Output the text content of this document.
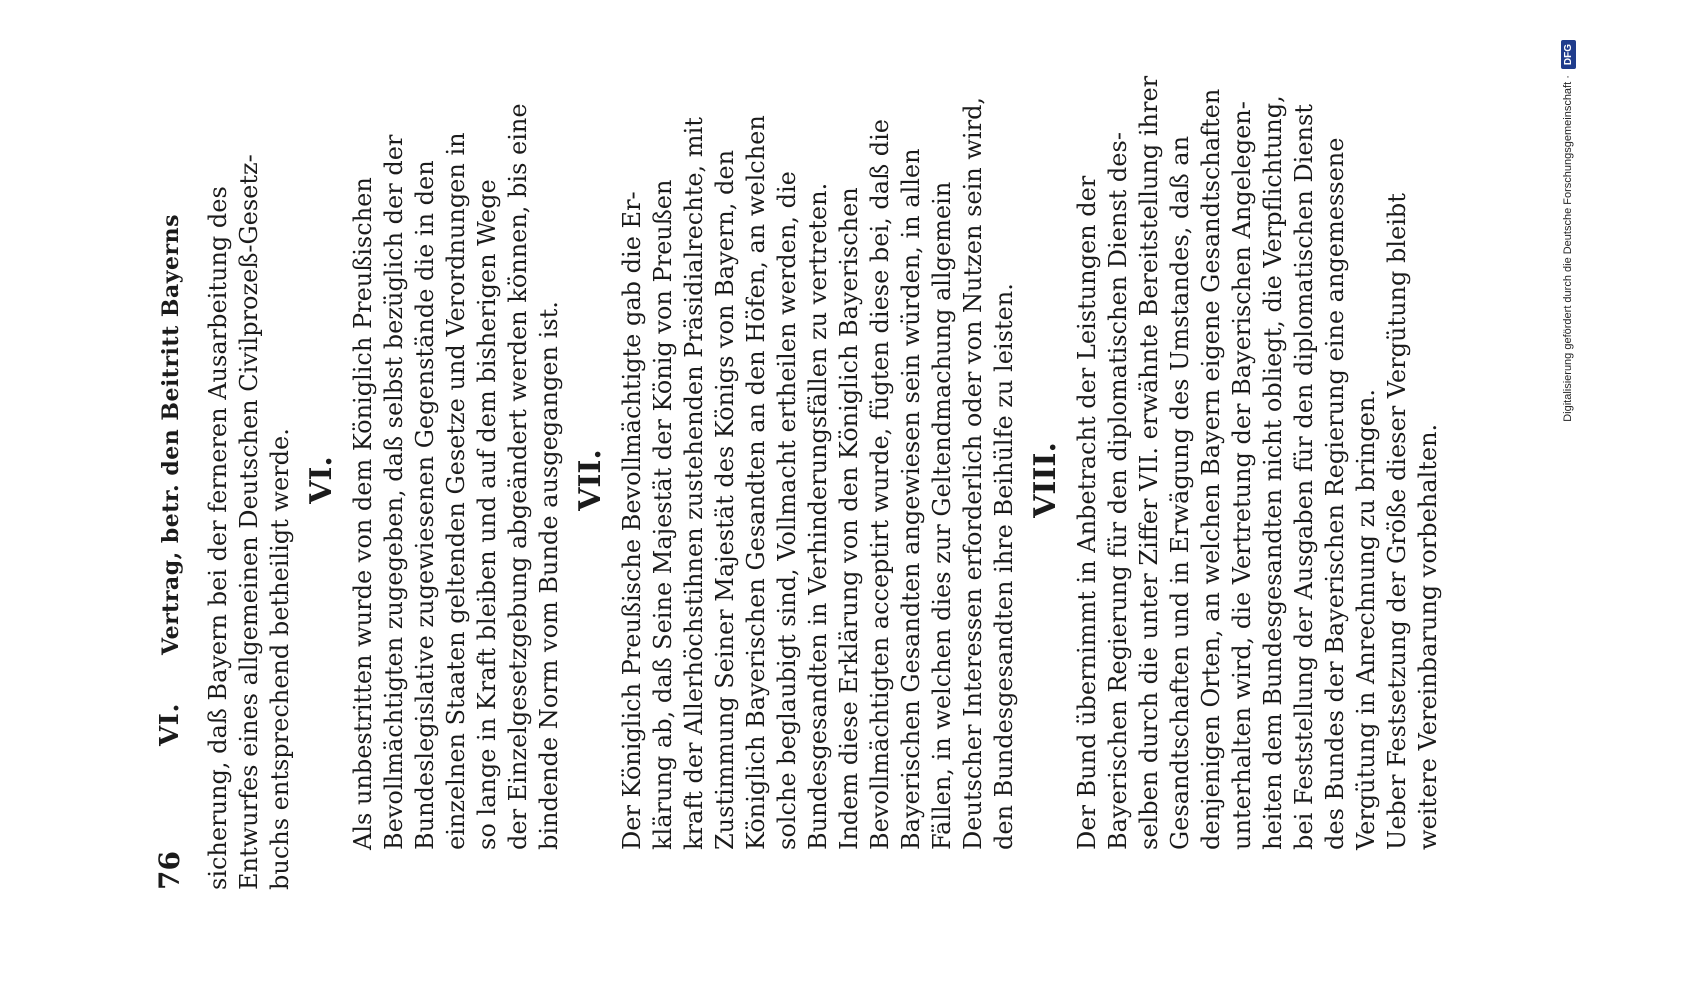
76
VI. Vertrag, betr. den Beitritt Bayerns sicherung, daß Bayern bei der ferneren Ausarbeitung des Entwurfes eines allgemeinen Deutschen Civilprozeß-Gesetz- buchs entsprechend betheiligt werde. VI. Als unbestritten wurde von dem Königlich Preußischen Bevollmächtigten zugegeben, daß selbst bezüglich der der Bundeslegislative zugewiesenen Gegenstände die in den einzelnen Staaten geltenden Gesetze und Verordnungen in so lange in Kraft bleiben und auf dem bisherigen Wege der Einzelgesetzgebung abgeändert werden können, bis eine bindende Norm vom Bunde ausgegangen ist. VII. Der Königlich Preußische Bevollmächtigte gab die Er- klärung ab, daß Seine Majestät der König von Preußen kraft der Allerhöchstihnen zustehenden Präsidialrechte, mit Zustimmung Seiner Majestät des Königs von Bayern, den Königlich Bayerischen Gesandten an den Höfen, an welchen solche beglaubigt sind, Vollmacht ertheilen werden, die Bundesgesandten in Verhinderungsfällen zu vertreten. Indem diese Erklärung von den Königlich Bayerischen Bevollmächtigten acceptirt wurde, fügten diese bei, daß die Bayerischen Gesandten angewiesen sein würden, in allen Fällen, in welchen dies zur Geltendmachung allgemein Deutscher Interessen erforderlich oder von Nutzen sein wird, den Bundesgesandten ihre Beihülfe zu leisten. VIII. Der Bund übernimmt in Anbetracht der Leistungen der Bayerischen Regierung für den diplomatischen Dienst des- selben durch die unter Ziffer VII. erwähnte Bereitstellung ihrer Gesandtschaften und in Erwägung des Umstandes, daß an denjenigen Orten, an welchen Bayern eigene Gesandtschaften unterhalten wird, die Vertretung der Bayerischen Angelegen- heiten dem Bundesgesandten nicht obliegt, die Verpflichtung, bei Feststellung der Ausgaben für den diplomatischen Dienst des Bundes der Bayerischen Regierung eine angemessene Vergütung in Anrechnung zu bringen. Ueber Festsetzung der Größe dieser Vergütung bleibt weitere Vereinbarung vorbehalten.

Digitalisierung gefördert durch die Deutsche Forschungsgemeinschaft ·
DFG
